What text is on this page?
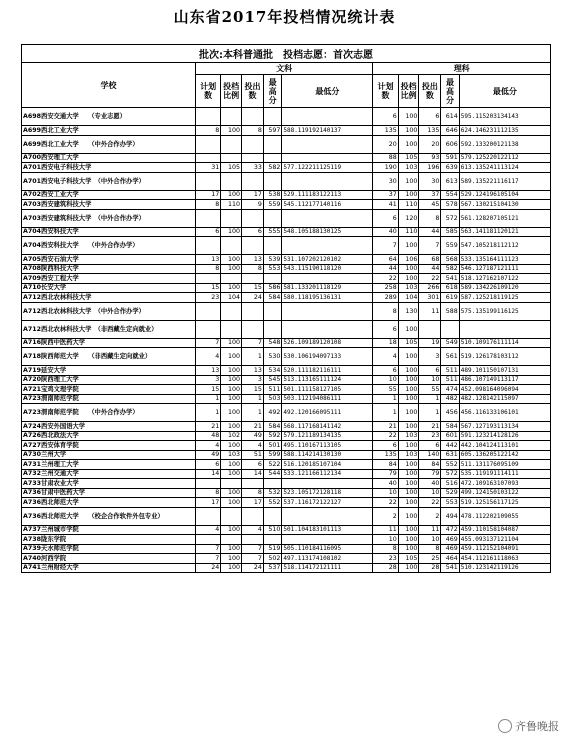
山东省2017年投档情况统计表
批次:本科普通批　投档志愿：首次志愿										
学校	文科					理科				
	计划数	投档比例	投出数	最高分	最低分	计划数	投档比例	投出数	最高分	最低分
A698西安交通大学　　（专业志愿）						6	100	6	614	595.115203134143
A699西北工业大学	8	100	8	597	588.119192140137	135	100	135	646	624.146231112135
A699西北工业大学　　（中外合作办学）						20	100	20	606	592.133200121138
A700西安理工大学						88	105	93	591	579.125220122112
A701西安电子科技大学	31	105	33	582	577.122211125119	190	103	196	639	613.135241113124
A701西安电子科技大学　（中外合作办学）						30	100	30	613	589.135221116117
A702西安工业大学	17	100	17	538	529.111183122113	37	100	37	554	529.124196105104
A703西安建筑科技大学	8	110	9	559	545.112177140116	41	110	45	578	567.130215104130
A703西安建筑科技大学　（中外合作办学）						6	120	8	572	561.128207105121
A704西安科技大学	6	100	6	555	548.105188130125	40	110	44	585	563.141181120121
A704西安科技大学　　（中外合作办学）						7	100	7	559	547.105218112112
A705西安石油大学	13	100	13	539	531.107202120102	64	106	68	568	533.135164111123
A708陕西科技大学	8	100	8	553	543.115190118120	44	100	44	582	546.127187121111
A709西安工程大学						22	100	22	541	518.127162107122
A710长安大学	15	100	15	586	581.133201118129	258	103	266	618	589.134226109120
A712西北农林科技大学	23	104	24	584	580.118195136131	289	104	301	619	587.125218119125
A712西北农林科技大学　（中外合作办学）						8	130	11	588	575.135199116125
A712西北农林科技大学　（非西藏生定向就业）						6	100			
A716陕西中医药大学	7	100	7	548	526.109189120108	18	105	19	549	510.109176111114
A718陕西师范大学　　（非西藏生定向就业）	4	100	1	530	530.106194097133	4	100	3	561	519.126178103112
A719延安大学	13	100	13	534	520.111182116111	6	100	6	511	489.101150107131
A720陕西理工大学	3	100	3	545	513.113165111124	10	100	10	511	486.107149113117
A721宝鸡文理学院	15	100	15	511	501.111158127105	55	100	55	474	452.098164096094
A723渭南师范学院	1	100	1	503	503.112194086111	1	100	1	482	482.128142115097
A723渭南师范学院　　（中外合作办学）	1	100	1	492	492.120166095111	1	100	1	456	456.116133106101
A724西安外国语大学	21	100	21	584	568.117168141142	21	100	21	584	567.127193113134
A726西北政法大学	48	102	49	592	579.121189134135	22	103	23	601	591.123214128126
A727西安体育学院	4	100	4	501	495.110167113105	6	100	6	442	442.104124113101
A730兰州大学	49	103	51	599	588.114214130130	135	103	140	631	605.136205122142
A731兰州理工大学	6	100	6	522	516.120185107104	84	100	84	552	511.131176095109
A732兰州交通大学	14	100	14	544	533.121166112134	79	100	79	572	535.119191114111
A733甘肃农业大学						40	100	40	516	472.109163107093
A736甘肃中医药大学	8	100	8	532	523.105172128118	10	100	10	529	499.124150103122
A736西北师范大学	17	100	17	552	537.116172122127	22	100	22	553	519.125156117125
A736西北师范大学　　（校企合作软件外包专业）						2	100	2	494	478.112202109055
A737兰州城市学院	4	100	4	510	501.104183101113	11	100	11	472	459.110158104087
A738陇东学院						10	100	10	469	455.093137121104
A739天水师范学院	7	100	7	519	505.110184116095	8	100	8	469	459.112152104091
A740河西学院	7	100	7	502	497.113174108102	23	105	25	464	454.112161118063
A741兰州财经大学	24	100	24	537	518.114172121111	28	100	28	541	510.123142119126
齐鲁晚报
